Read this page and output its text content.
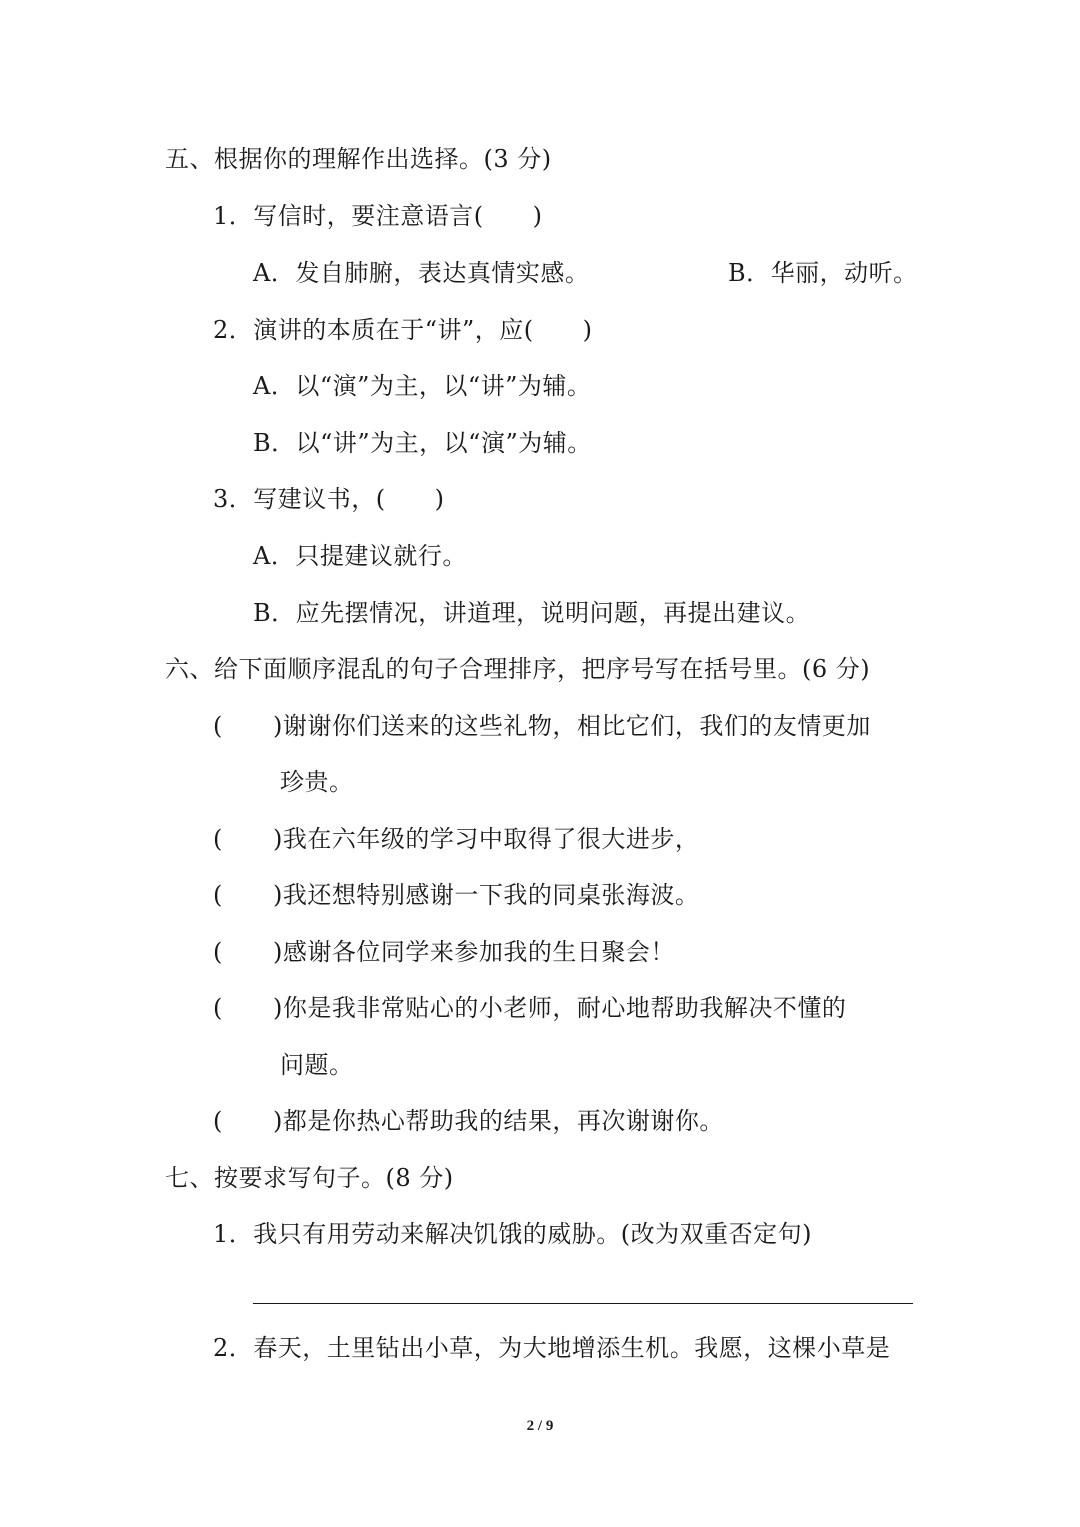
五、根据你的理解作出选择。(3 分)
1．写信时，要注意语言(　　)
A．发自肺腑，表达真情实感。	B．华丽，动听。
2．演讲的本质在于“讲”，应(　　)
A．以“演”为主，以“讲”为辅。
B．以“讲”为主，以“演”为辅。
3．写建议书，(　　)
A．只提建议就行。
B．应先摆情况，讲道理，说明问题，再提出建议。
六、给下面顺序混乱的句子合理排序，把序号写在括号里。(6 分)
( )谢谢你们送来的这些礼物，相比它们，我们的友情更加
珍贵。
( )我在六年级的学习中取得了很大进步，
( )我还想特别感谢一下我的同桌张海波。
( )感谢各位同学来参加我的生日聚会！
( )你是我非常贴心的小老师，耐心地帮助我解决不懂的
问题。
( )都是你热心帮助我的结果，再次谢谢你。
七、按要求写句子。(8 分)
1．我只有用劳动来解决饥饿的威胁。(改为双重否定句)
2．春天，土里钻出小草，为大地增添生机。我愿，这棵小草是
2 / 9
